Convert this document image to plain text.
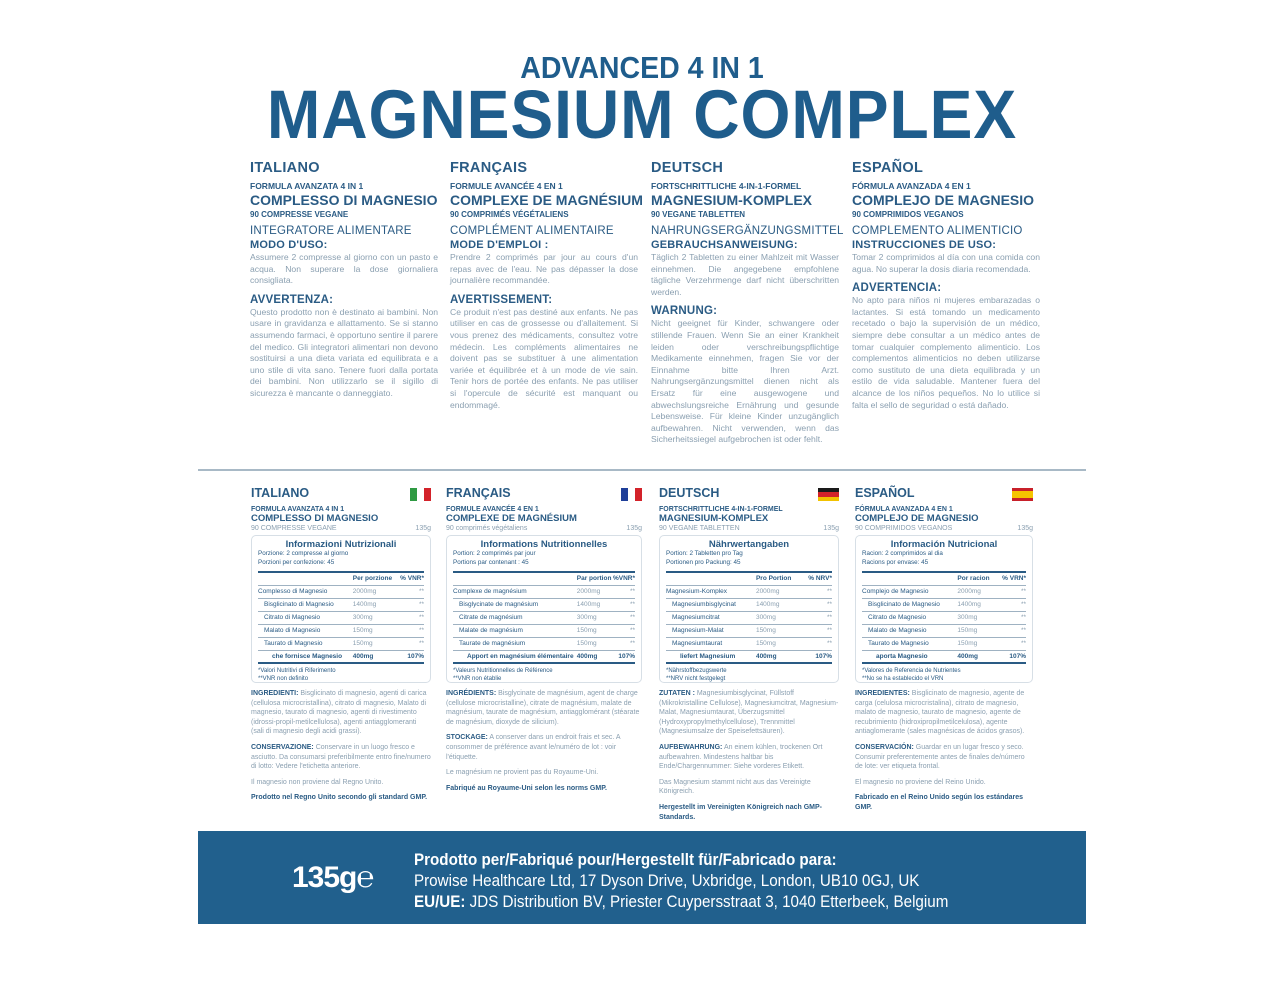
ADVANCED 4 IN 1
MAGNESIUM COMPLEX
ITALIANO
FORMULA AVANZATA 4 IN 1
COMPLESSO DI MAGNESIO
90 COMPRESSE VEGANE
INTEGRATORE ALIMENTARE
MODO D'USO:
Assumere 2 compresse al giorno con un pasto e acqua. Non superare la dose giornaliera consigliata.
AVVERTENZA:
Questo prodotto non è destinato ai bambini. Non usare in gravidanza e allattamento. Se si stanno assumendo farmaci, è opportuno sentire il parere del medico. Gli integratori alimentari non devono sostituirsi a una dieta variata ed equilibrata e a uno stile di vita sano. Tenere fuori dalla portata dei bambini. Non utilizzarlo se il sigillo di sicurezza è mancante o danneggiato.
FRANÇAIS
FORMULE AVANCÉE 4 EN 1
COMPLEXE DE MAGNÉSIUM
90 COMPRIMÉS VÉGÉTALIENS
COMPLÉMENT ALIMENTAIRE
MODE D'EMPLOI :
Prendre 2 comprimés par jour au cours d'un repas avec de l'eau. Ne pas dépasser la dose journalière recommandée.
AVERTISSEMENT:
Ce produit n'est pas destiné aux enfants. Ne pas utiliser en cas de grossesse ou d'allaitement. Si vous prenez des médicaments, consultez votre médecin. Les compléments alimentaires ne doivent pas se substituer à une alimentation variée et équilibrée et à un mode de vie sain. Tenir hors de portée des enfants. Ne pas utiliser si l'opercule de sécurité est manquant ou endommagé.
DEUTSCH
FORTSCHRITTLICHE 4-IN-1-FORMEL
MAGNESIUM-KOMPLEX
90 VEGANE TABLETTEN
NAHRUNGSERGÄNZUNGSMITTEL
GEBRAUCHSANWEISUNG:
Täglich 2 Tabletten zu einer Mahlzeit mit Wasser einnehmen. Die angegebene empfohlene tägliche Verzehrmenge darf nicht überschritten werden.
WARNUNG:
Nicht geeignet für Kinder, schwangere oder stillende Frauen. Wenn Sie an einer Krankheit leiden oder verschreibungspflichtige Medikamente einnehmen, fragen Sie vor der Einnahme bitte Ihren Arzt. Nahrungsergänzungsmittel dienen nicht als Ersatz für eine ausgewogene und abwechslungsreiche Ernährung und gesunde Lebensweise. Für kleine Kinder unzugänglich aufbewahren. Nicht verwenden, wenn das Sicherheitssiegel aufgebrochen ist oder fehlt.
ESPAÑOL
FÓRMULA AVANZADA 4 EN 1
COMPLEJO DE MAGNESIO
90 COMPRIMIDOS VEGANOS
COMPLEMENTO ALIMENTICIO
INSTRUCCIONES DE USO:
Tomar 2 comprimidos al día con una comida con agua. No superar la dosis diaria recomendada.
ADVERTENCIA:
No apto para niños ni mujeres embarazadas o lactantes. Si está tomando un medicamento recetado o bajo la supervisión de un médico, siempre debe consultar a un médico antes de tomar cualquier complemento alimenticio. Los complementos alimenticios no deben utilizarse como sustituto de una dieta equilibrada y un estilo de vida saludable. Mantener fuera del alcance de los niños pequeños. No lo utilice si falta el sello de seguridad o está dañado.
ITALIANO
FORMULA AVANZATA 4 IN 1
COMPLESSO DI MAGNESIO
90 COMPRESSE VEGANE	135g
Informazioni Nutrizionali
Porzione: 2 compresse al giorno
Porzioni per confezione: 45
	Per porzione	% VNR*
Complesso di Magnesio	2000mg	**
Bisglicinato di Magnesio	1400mg	**
Citrato di Magnesio	300mg	**
Malato di Magnesio	150mg	**
Taurato di Magnesio	150mg	**
che fornisce Magnesio	400mg	107%
*Valori Nutritivi di Riferimento
**VNR non definito
INGREDIENTI: Bisglicinato di magnesio, agenti di carica (cellulosa microcristallina), citrato di magnesio, Malato di magnesio, taurato di magnesio, agenti di rivestimento (idrossi-propil-metilcellulosa), agenti antiagglomeranti (sali di magnesio degli acidi grassi).
CONSERVAZIONE: Conservare in un luogo fresco e asciutto. Da consumarsi preferibilmente entro fine/numero di lotto: Vedere l'etichetta anteriore.
Il magnesio non proviene dal Regno Unito.
Prodotto nel Regno Unito secondo gli standard GMP.
FRANÇAIS
FORMULE AVANCÉE 4 EN 1
COMPLEXE DE MAGNÉSIUM
90 comprimés végétaliens	135g
Informations Nutritionnelles
Portion: 2 comprimés par jour
Portions par contenant : 45
	Par portion	%VNR*
Complexe de magnésium	2000mg	**
Bisglycinate de magnésium	1400mg	**
Citrate de magnésium	300mg	**
Malate de magnésium	150mg	**
Taurate de magnésium	150mg	**
Apport en magnésium élémentaire	400mg	107%
*Valeurs Nutritionnelles de Référence
**VNR non établie
INGRÉDIENTS: Bisglycinate de magnésium, agent de charge (cellulose microcristalline), citrate de magnésium, malate de magnésium, taurate de magnésium, antiagglomérant (stéarate de magnésium, dioxyde de silicium).
STOCKAGE: A conserver dans un endroit frais et sec. A consommer de préférence avant le/numéro de lot : voir l'étiquette.
Le magnésium ne provient pas du Royaume-Uni.
Fabriqué au Royaume-Uni selon les norms GMP.
DEUTSCH
FORTSCHRITTLICHE 4-IN-1-FORMEL
MAGNESIUM-KOMPLEX
90 VEGANE TABLETTEN	135g
Nährwertangaben
Portion: 2 Tabletten pro Tag
Portionen pro Packung: 45
	Pro Portion	% NRV*
Magnesium-Komplex	2000mg	**
Magnesiumbisglycinat	1400mg	**
Magnesiumcitrat	300mg	**
Magnesium-Malat	150mg	**
Magnesiumtaurat	150mg	**
liefert Magnesium	400mg	107%
*Nährstoffbezugswerte
**NRV nicht festgelegt
ZUTATEN : Magnesiumbisglycinat, Füllstoff (Mikrokristalline Cellulose), Magnesiumcitrat, Magnesium-Malat, Magnesiumtaurat, Überzugsmittel (Hydroxypropylmethylcellulose), Trennmittel (Magnesiumsalze der Speisefettsäuren).
AUFBEWAHRUNG: An einem kühlen, trockenen Ort aufbewahren. Mindestens haltbar bis Ende/Chargennummer: Siehe vorderes Etikett.
Das Magnesium stammt nicht aus das Vereinigte Königreich.
Hergestellt im Vereinigten Königreich nach GMP-Standards.
ESPAÑOL
FÓRMULA AVANZADA 4 EN 1
COMPLEJO DE MAGNESIO
90 COMPRIMIDOS VEGANOS	135g
Información Nutricional
Racion: 2 comprimidos al dia
Racions por envase: 45
	Por racion	% VRN*
Complejo de Magnesio	2000mg	**
Bisglicinato de Magnesio	1400mg	**
Citrato de Magnesio	300mg	**
Malato de Magnesio	150mg	**
Taurato de Magnesio	150mg	**
aporta Magnesio	400mg	107%
*Valores de Referencia de Nutrientes
**No se ha establecido el VRN
INGREDIENTES: Bisglicinato de magnesio, agente de carga (celulosa microcristalina), citrato de magnesio, malato de magnesio, taurato de magnesio, agente de recubrimiento (hidroxipropilmetilcelulosa), agente antiaglomerante (sales magnésicas de ácidos grasos).
CONSERVACIÓN: Guardar en un lugar fresco y seco. Consumir preferentemente antes de finales de/número de lote: ver etiqueta frontal.
El magnesio no proviene del Reino Unido.
Fabricado en el Reino Unido según los estándares GMP.
135g℮
Prodotto per/Fabriqué pour/Hergestellt für/Fabricado para:
Prowise Healthcare Ltd, 17 Dyson Drive, Uxbridge, London, UB10 0GJ, UK
EU/UE: JDS Distribution BV, Priester Cuypersstraat 3, 1040 Etterbeek, Belgium
